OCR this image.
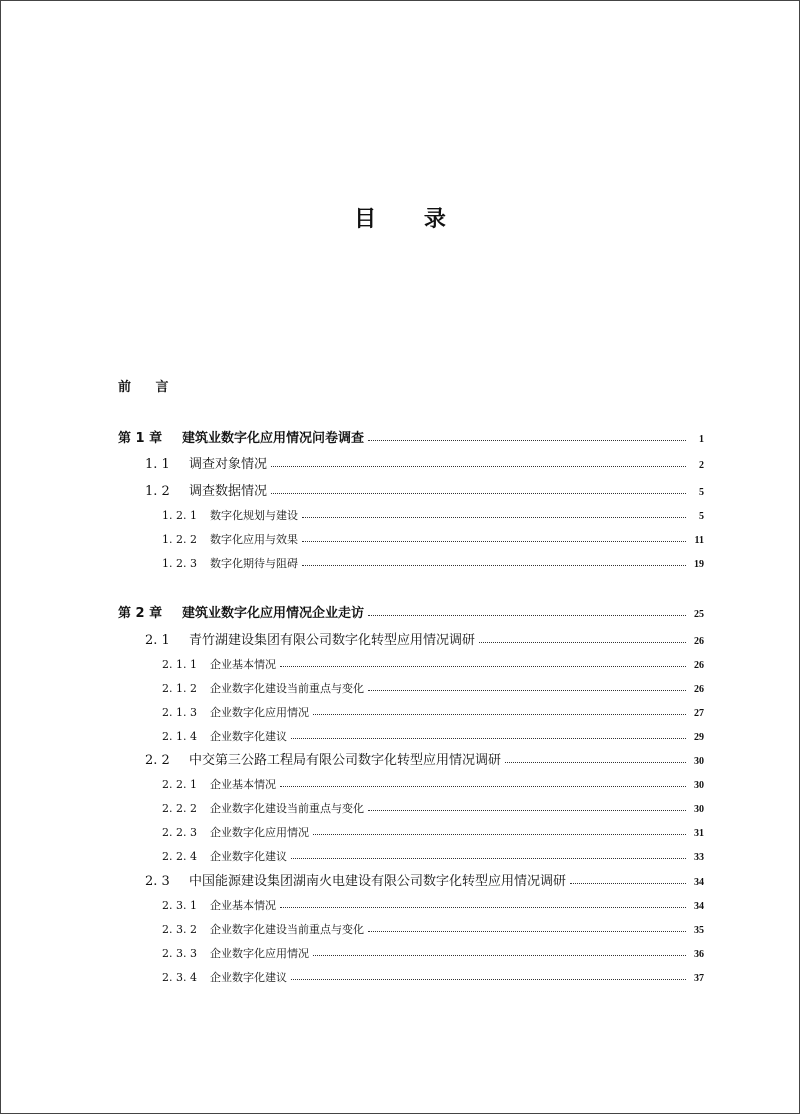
目 录
前 言
第 1 章	建筑业数字化应用情况问卷调查	1
1. 1	调查对象情况	2
1. 2	调查数据情况	5
1. 2. 1	数字化规划与建设	5
1. 2. 2	数字化应用与效果	11
1. 2. 3	数字化期待与阻碍	19
第 2 章	建筑业数字化应用情况企业走访	25
2. 1	青竹湖建设集团有限公司数字化转型应用情况调研	26
2. 1. 1	企业基本情况	26
2. 1. 2	企业数字化建设当前重点与变化	26
2. 1. 3	企业数字化应用情况	27
2. 1. 4	企业数字化建议	29
2. 2	中交第三公路工程局有限公司数字化转型应用情况调研	30
2. 2. 1	企业基本情况	30
2. 2. 2	企业数字化建设当前重点与变化	30
2. 2. 3	企业数字化应用情况	31
2. 2. 4	企业数字化建议	33
2. 3	中国能源建设集团湖南火电建设有限公司数字化转型应用情况调研	34
2. 3. 1	企业基本情况	34
2. 3. 2	企业数字化建设当前重点与变化	35
2. 3. 3	企业数字化应用情况	36
2. 3. 4	企业数字化建议	37
